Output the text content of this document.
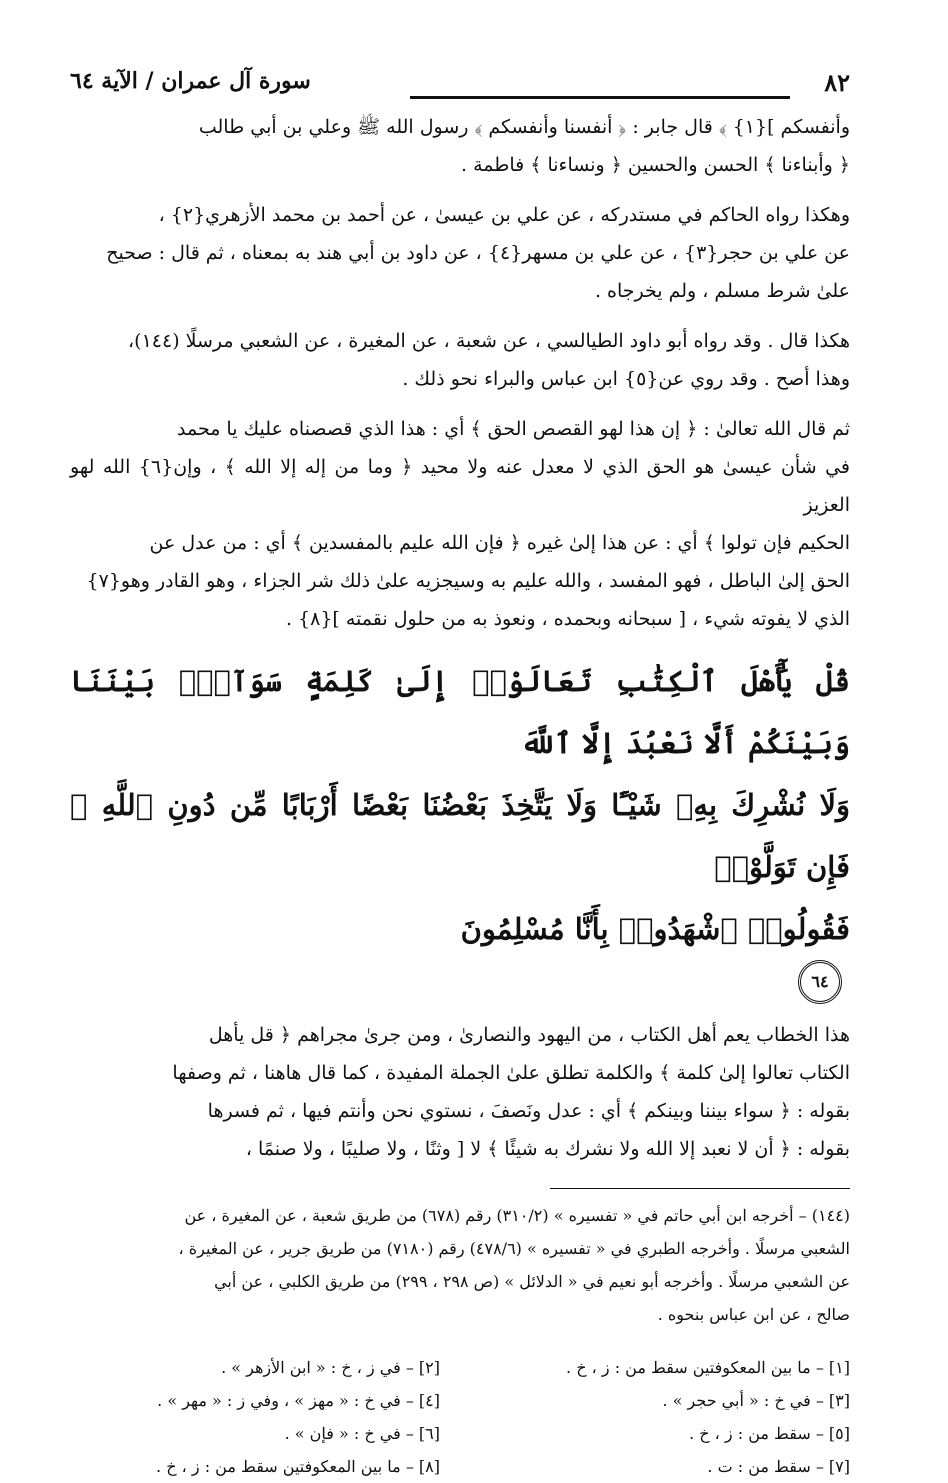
٨٢
سورة آل عمران / الآية ٦٤
وأنفسكم ]{١} ﴾ قال جابر : ﴿ أنفسنا وأنفسكم ﴾ رسول الله ﷺ وعلي بن أبي طالب
﴿ وأبناءنا ﴾ الحسن والحسين ﴿ ونساءنا ﴾ فاطمة .
وهكذا رواه الحاكم في مستدركه ، عن علي بن عيسىٰ ، عن أحمد بن محمد الأزهري{٢} ،
عن علي بن حجر{٣} ، عن علي بن مسهر{٤} ، عن داود بن أبي هند به بمعناه ، ثم قال : صحيح
علىٰ شرط مسلم ، ولم يخرجاه .
هكذا قال . وقد رواه أبو داود الطيالسي ، عن شعبة ، عن المغيرة ، عن الشعبي مرسلًا (١٤٤)،
وهذا أصح . وقد روي عن{٥} ابن عباس والبراء نحو ذلك .
ثم قال الله تعالىٰ : ﴿ إن هذا لهو القصص الحق ﴾ أي : هذا الذي قصصناه عليك يا محمد
في شأن عيسىٰ هو الحق الذي لا معدل عنه ولا محيد ﴿ وما من إله إلا الله ﴾ ، وإن{٦} الله لهو العزيز
الحكيم فإن تولوا ﴾ أي : عن هذا إلىٰ غيره ﴿ فإن الله عليم بالمفسدين ﴾ أي : من عدل عن
الحق إلىٰ الباطل ، فهو المفسد ، والله عليم به وسيجزيه علىٰ ذلك شر الجزاء ، وهو القادر وهو{٧}
الذي لا يفوته شيء ، [ سبحانه وبحمده ، ونعوذ به من حلول نقمته ]{٨} .
قُلْ يَٰٓأَهْلَ ٱلْكِتَٰبِ تَعَالَوْا۟ إِلَىٰ كَلِمَةٍ سَوَآءٍۭ بَيْنَنَا وَبَيْنَكُمْ أَلَّا نَعْبُدَ إِلَّا ٱللَّهَ
وَلَا نُشْرِكَ بِهِۦ شَيْـًٔا وَلَا يَتَّخِذَ بَعْضُنَا بَعْضًا أَرْبَابًا مِّن دُونِ ٱللَّهِ ۚ فَإِن تَوَلَّوْا۟
فَقُولُوا۟ ٱشْهَدُوا۟ بِأَنَّا مُسْلِمُونَ
٦٤
هذا الخطاب يعم أهل الكتاب ، من اليهود والنصارىٰ ، ومن جرىٰ مجراهم ﴿ قل يأهل
الكتاب تعالوا إلىٰ كلمة ﴾ والكلمة تطلق علىٰ الجملة المفيدة ، كما قال هاهنا ، ثم وصفها
بقوله : ﴿ سواء بيننا وبينكم ﴾ أي : عدل ونَصفَ ، نستوي نحن وأنتم فيها ، ثم فسرها
بقوله : ﴿ أن لا نعبد إلا الله ولا نشرك به شيئًا ﴾ لا [ وثنًا ، ولا صليبًا ، ولا صنمًا ،
(١٤٤) – أخرجه ابن أبي حاتم في « تفسيره » (٣١٠/٢) رقم (٦٧٨) من طريق شعبة ، عن المغيرة ، عن
الشعبي مرسلًا . وأخرجه الطبري في « تفسيره » (٤٧٨/٦) رقم (٧١٨٠) من طريق جرير ، عن المغيرة ،
عن الشعبي مرسلًا . وأخرجه أبو نعيم في « الدلائل » (ص ٢٩٨ ، ٢٩٩) من طريق الكلبي ، عن أبي
صالح ، عن ابن عباس بنحوه .
[١] – ما بين المعكوفتين سقط من : ز ، خ .
[٢] – في ز ، خ : « ابن الأزهر » .
[٣] – في خ : « أبي حجر » .
[٤] – في خ : « مهز » ، وفي ز : « مهر » .
[٥] – سقط من : ز ، خ .
[٦] – في خ : « فإن » .
[٧] – سقط من : ت .
[٨] – ما بين المعكوفتين سقط من : ز ، خ .
